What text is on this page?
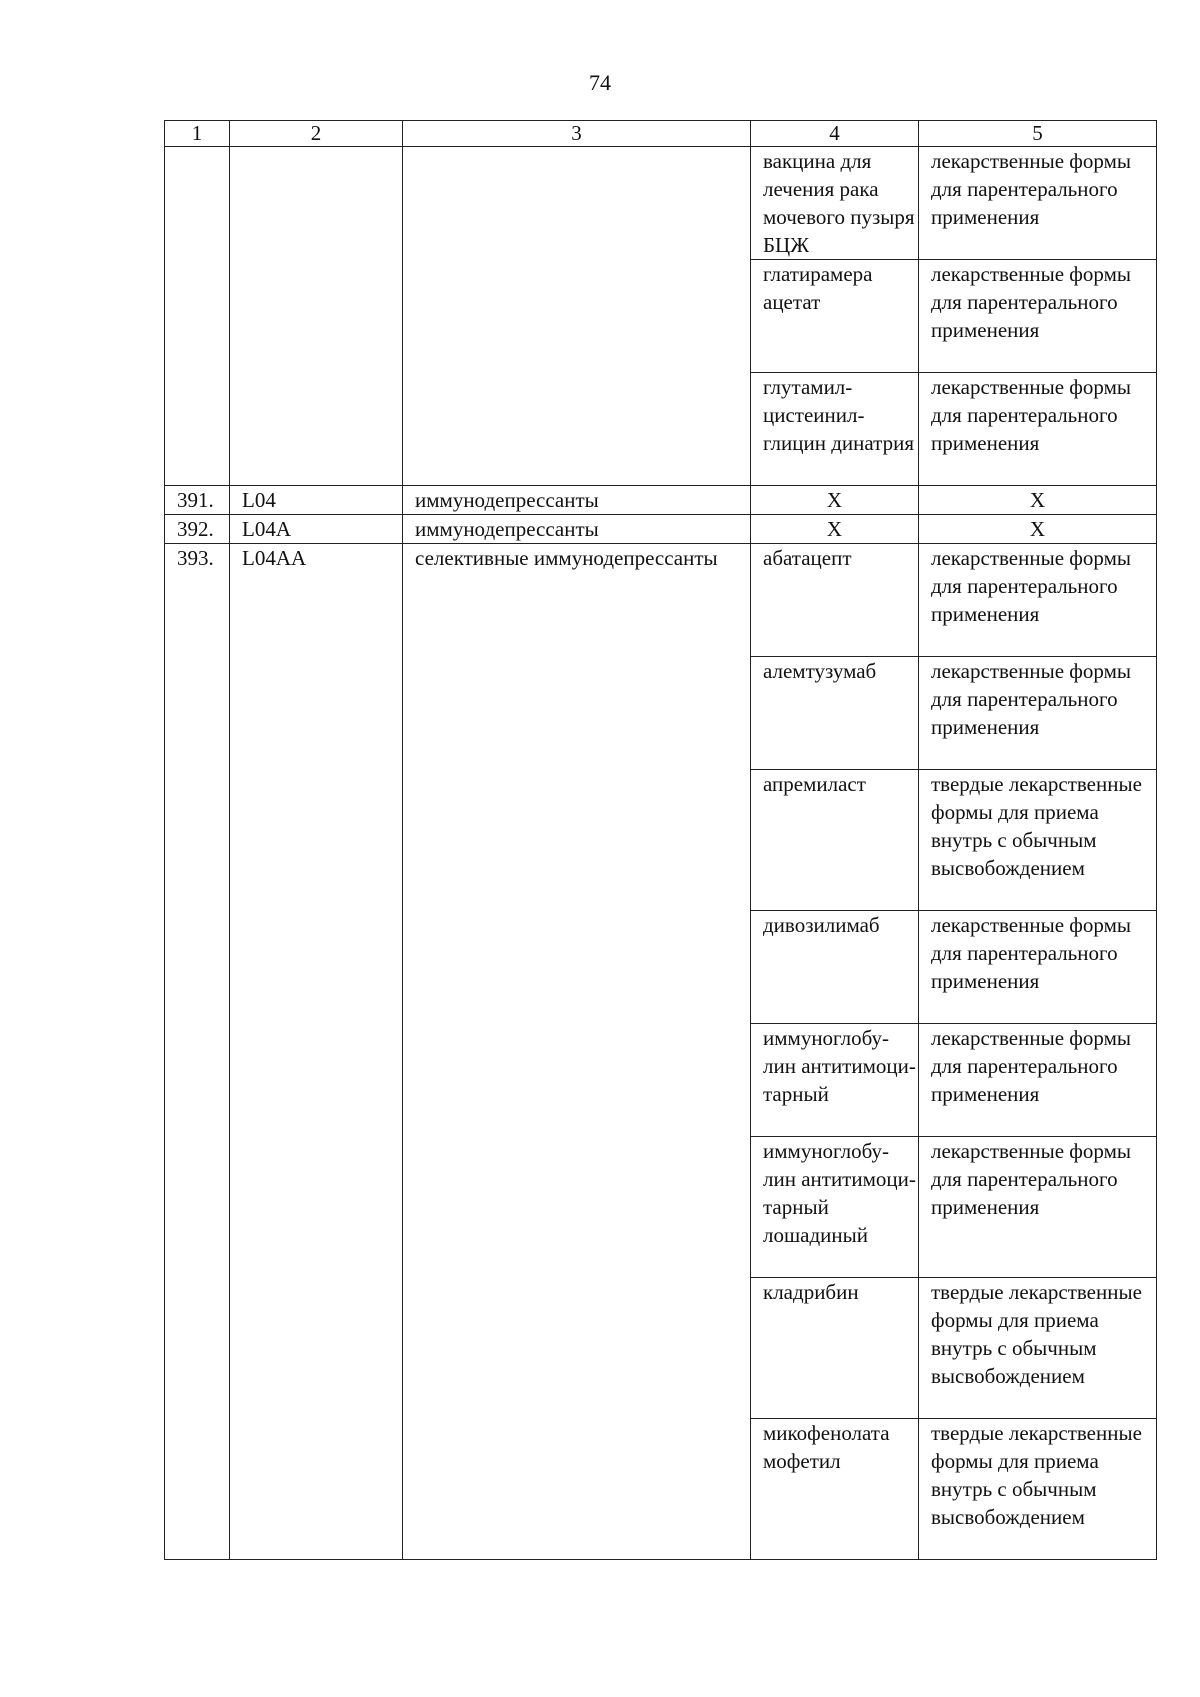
74
1	2	3	4	5
			вакцина для лечения рака мочевого пузыря БЦЖ	лекарственные формы для парентерального применения
			глатирамера ацетат	лекарственные формы для парентерального применения
			глутамил-цистеинил-глицин динатрия	лекарственные формы для парентерального применения
391.	L04	иммунодепрессанты	X	X
392.	L04A	иммунодепрессанты	X	X
393.	L04AA	селективные иммунодепрессанты	абатацепт	лекарственные формы для парентерального применения
			алемтузумаб	лекарственные формы для парентерального применения
			апремиласт	твердые лекарственные формы для приема внутрь с обычным высвобождением
			дивозилимаб	лекарственные формы для парентерального применения
			иммуноглобу-лин антитимоци-тарный	лекарственные формы для парентерального применения
			иммуноглобу-лин антитимоци-тарный лошадиный	лекарственные формы для парентерального применения
			кладрибин	твердые лекарственные формы для приема внутрь с обычным высвобождением
			микофенолата мофетил	твердые лекарственные формы для приема внутрь с обычным высвобождением
